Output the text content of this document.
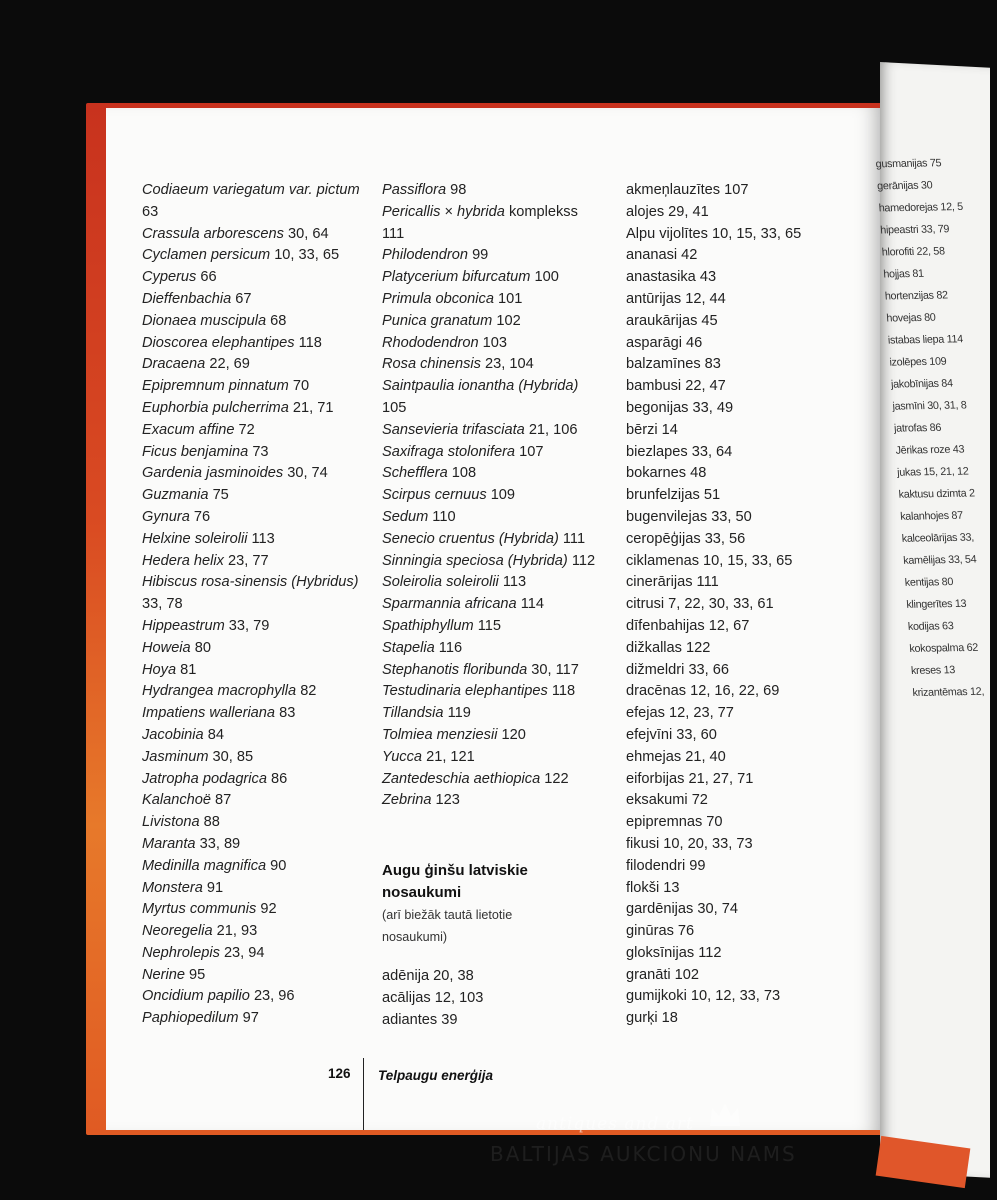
Codiaeum variegatum var. pictum
63
Crassula arborescens 30, 64
Cyclamen persicum 10, 33, 65
Cyperus 66
Dieffenbachia 67
Dionaea muscipula 68
Dioscorea elephantipes 118
Dracaena 22, 69
Epipremnum pinnatum 70
Euphorbia pulcherrima 21, 71
Exacum affine 72
Ficus benjamina 73
Gardenia jasminoides 30, 74
Guzmania 75
Gynura 76
Helxine soleirolii 113
Hedera helix 23, 77
Hibiscus rosa-sinensis (Hybridus)
33, 78
Hippeastrum 33, 79
Howeia 80
Hoya 81
Hydrangea macrophylla 82
Impatiens walleriana 83
Jacobinia 84
Jasminum 30, 85
Jatropha podagrica 86
Kalanchoë 87
Livistona 88
Maranta 33, 89
Medinilla magnifica 90
Monstera 91
Myrtus communis 92
Neoregelia 21, 93
Nephrolepis 23, 94
Nerine 95
Oncidium papilio 23, 96
Paphiopedilum 97
Passiflora 98
Pericallis × hybrida komplekss
111
Philodendron 99
Platycerium bifurcatum 100
Primula obconica 101
Punica granatum 102
Rhododendron 103
Rosa chinensis 23, 104
Saintpaulia ionantha (Hybrida)
105
Sansevieria trifasciata 21, 106
Saxifraga stolonifera 107
Schefflera 108
Scirpus cernuus 109
Sedum 110
Senecio cruentus (Hybrida) 111
Sinningia speciosa (Hybrida) 112
Soleirolia soleirolii 113
Sparmannia africana 114
Spathiphyllum 115
Stapelia 116
Stephanotis floribunda 30, 117
Testudinaria elephantipes 118
Tillandsia 119
Tolmiea menziesii 120
Yucca 21, 121
Zantedeschia aethiopica 122
Zebrina 123
Augu ģinšu latviskie
nosaukumi
(arī biežāk tautā lietotie
nosaukumi)
adēnija 20, 38
acālijas 12, 103
adiantes 39
akmeņlauzītes 107
alojes 29, 41
Alpu vijolītes 10, 15, 33, 65
ananasi 42
anastasika 43
antūrijas 12, 44
araukārijas 45
asparāgi 46
balzamīnes 83
bambusi 22, 47
begonijas 33, 49
bērzi 14
biezlapes 33, 64
bokarnes 48
brunfelzijas 51
bugenvilejas 33, 50
ceropēģijas 33, 56
ciklamenas 10, 15, 33, 65
cinerārijas 111
citrusi 7, 22, 30, 33, 61
dīfenbahijas 12, 67
dižkallas 122
dižmeldri 33, 66
dracēnas 12, 16, 22, 69
efejas 12, 23, 77
efejvīni 33, 60
ehmejas 21, 40
eiforbijas 21, 27, 71
eksakumi 72
epipremnas 70
fikusi 10, 20, 33, 73
filodendri 99
flokši 13
gardēnijas 30, 74
ginūras 76
gloksīnijas 112
granāti 102
gumijkoki 10, 12, 33, 73
gurķi 18
126 Telpaugu enerģija
gusmanijas 75
gerānijas 30
hamedorejas 12, 5
hipeastri 33, 79
hlorofiti 22, 58
hojjas 81
hortenzijas 82
hovejas 80
istabas liepa 114
izolēpes 109
jakobīnijas 84
jasmīni 30, 31, 8
jatrofas 86
Jērikas roze 43
jukas 15, 21, 12
kaktusu dzimta 2
kalanhojes 87
kalceolārijas 33,
kamēlijas 33, 54
kentijas 80
klingerītes 13
kodijas 63
kokospalma 62
kreses 13
krizantēmas 12,
antiques and art
BALTIJAS AUKCIONU NAMS
